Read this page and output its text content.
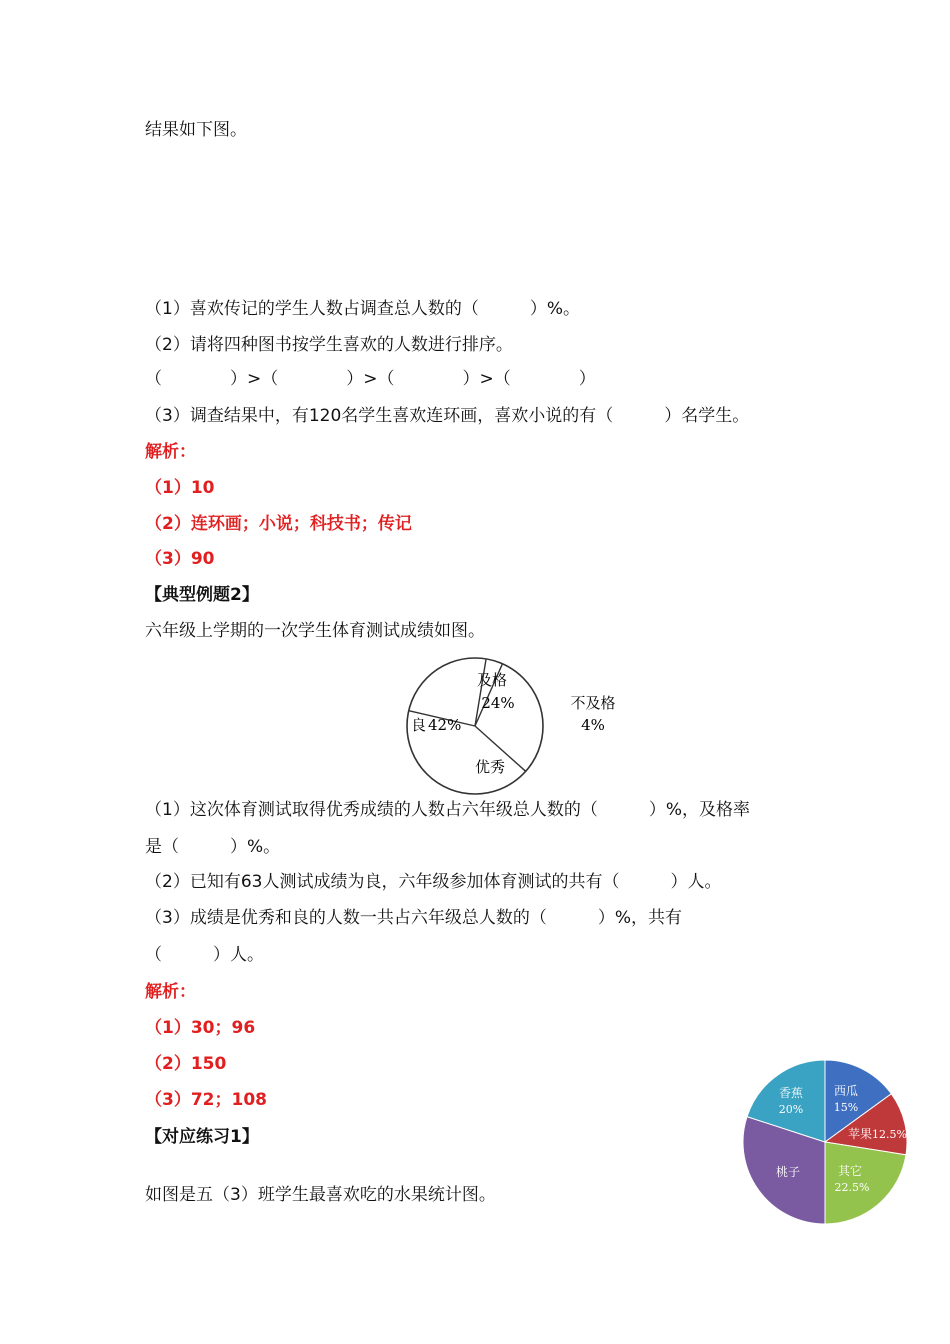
结果如下图。
（1）喜欢传记的学生人数占调查总人数的（　　　）%。
（2）请将四种图书按学生喜欢的人数进行排序。
（　　　　）>（　　　　）>（　　　　）>（　　　　）
（3）调查结果中，有120名学生喜欢连环画，喜欢小说的有（　　　）名学生。
解析：
（1）10
（2）连环画；小说；科技书；传记
（3）90
【典型例题2】
六年级上学期的一次学生体育测试成绩如图。
及格
24%	不及格
4%
良 42%
优秀
（1）这次体育测试取得优秀成绩的人数占六年级总人数的（　　　）%，及格率
是（　　　）%。
（2）已知有63人测试成绩为良，六年级参加体育测试的共有（　　　）人。
（3）成绩是优秀和良的人数一共占六年级总人数的（　　　）%，共有
（　　　）人。
解析：
（1）30；96
（2）150
（3）72；108
【对应练习1】
如图是五（3）班学生最喜欢吃的水果统计图。
西瓜
15%
苹果 12.5%
其它
22.5%
桃子
香蕉
20%
